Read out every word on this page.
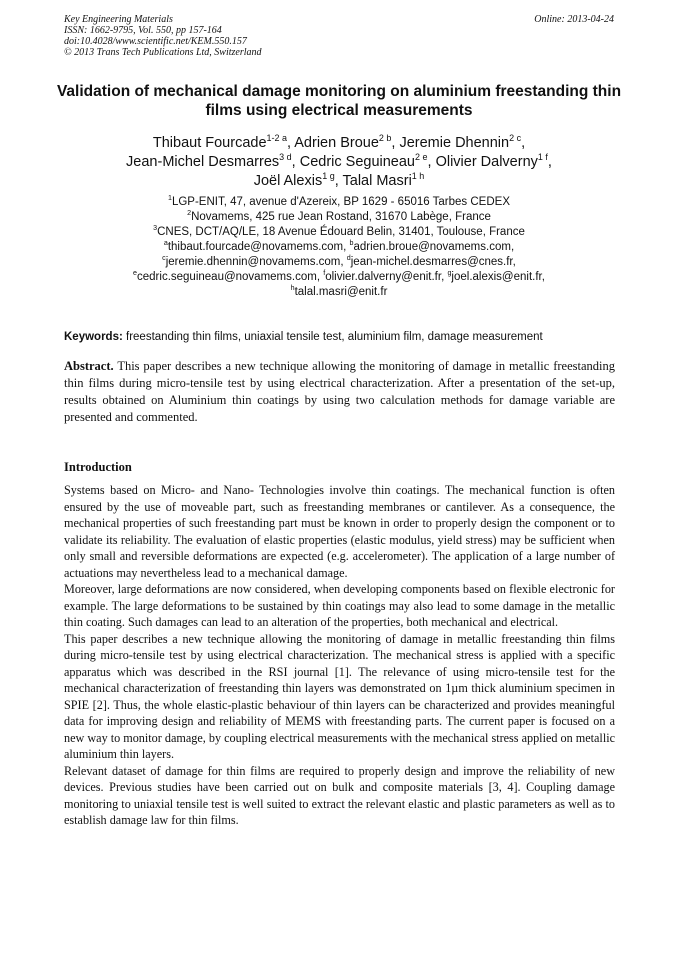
Key Engineering Materials
ISSN: 1662-9795, Vol. 550, pp 157-164
doi:10.4028/www.scientific.net/KEM.550.157
© 2013 Trans Tech Publications Ltd, Switzerland
Online: 2013-04-24
Validation of mechanical damage monitoring on aluminium freestanding thin films using electrical measurements
Thibaut Fourcade$^{1-2 a}$, Adrien Broue$^{2 b}$, Jeremie Dhennin$^{2 c}$,
Jean-Michel Desmarres$^{3 d}$, Cedric Seguineau$^{2 e}$, Olivier Dalverny$^{1 f}$,
Joël Alexis$^{1 g}$, Talal Masri$^{1 h}$
$^1$LGP-ENIT, 47, avenue d'Azereix, BP 1629 - 65016 Tarbes CEDEX
$^2$Novamems, 425 rue Jean Rostand, 31670 Labège, France
$^3$CNES, DCT/AQ/LE, 18 Avenue Édouard Belin, 31401, Toulouse, France
$^a$thibaut.fourcade@novamems.com, $^b$adrien.broue@novamems.com,
$^c$jeremie.dhennin@novamems.com, $^d$jean-michel.desmarres@cnes.fr,
$^e$cedric.seguineau@novamems.com, $^f$olivier.dalverny@enit.fr, $^g$joel.alexis@enit.fr,
$^h$talal.masri@enit.fr
Keywords: freestanding thin films, uniaxial tensile test, aluminium film, damage measurement
Abstract. This paper describes a new technique allowing the monitoring of damage in metallic freestanding thin films during micro-tensile test by using electrical characterization. After a presentation of the set-up, results obtained on Aluminium thin coatings by using two calculation methods for damage variable are presented and commented.
Introduction

Systems based on Micro- and Nano- Technologies involve thin coatings. The mechanical function is often ensured by the use of moveable part, such as freestanding membranes or cantilever. As a consequence, the mechanical properties of such freestanding part must be known in order to properly design the component or to validate its reliability. The evaluation of elastic properties (elastic modulus, yield stress) may be sufficient when only small and reversible deformations are expected (e.g. accelerometer). The application of a large number of actuations may nevertheless lead to a mechanical damage.

Moreover, large deformations are now considered, when developing components based on flexible electronic for example. The large deformations to be sustained by thin coatings may also lead to some damage in the metallic thin coating. Such damages can lead to an alteration of the properties, both mechanical and electrical.

This paper describes a new technique allowing the monitoring of damage in metallic freestanding thin films during micro-tensile test by using electrical characterization. The mechanical stress is applied with a specific apparatus which was described in the RSI journal [1]. The relevance of using micro-tensile test for the mechanical characterization of freestanding thin layers was demonstrated on 1µm thick aluminium specimen in SPIE [2]. Thus, the whole elastic-plastic behaviour of thin layers can be characterized and provides meaningful data for improving design and reliability of MEMS with freestanding parts. The current paper is focused on a new way to monitor damage, by coupling electrical measurements with the mechanical stress applied on metallic aluminium thin layers.

Relevant dataset of damage for thin films are required to properly design and improve the reliability of new devices. Previous studies have been carried out on bulk and composite materials [3, 4]. Coupling damage monitoring to uniaxial tensile test is well suited to extract the relevant elastic and plastic parameters as well as to establish damage law for thin films.
